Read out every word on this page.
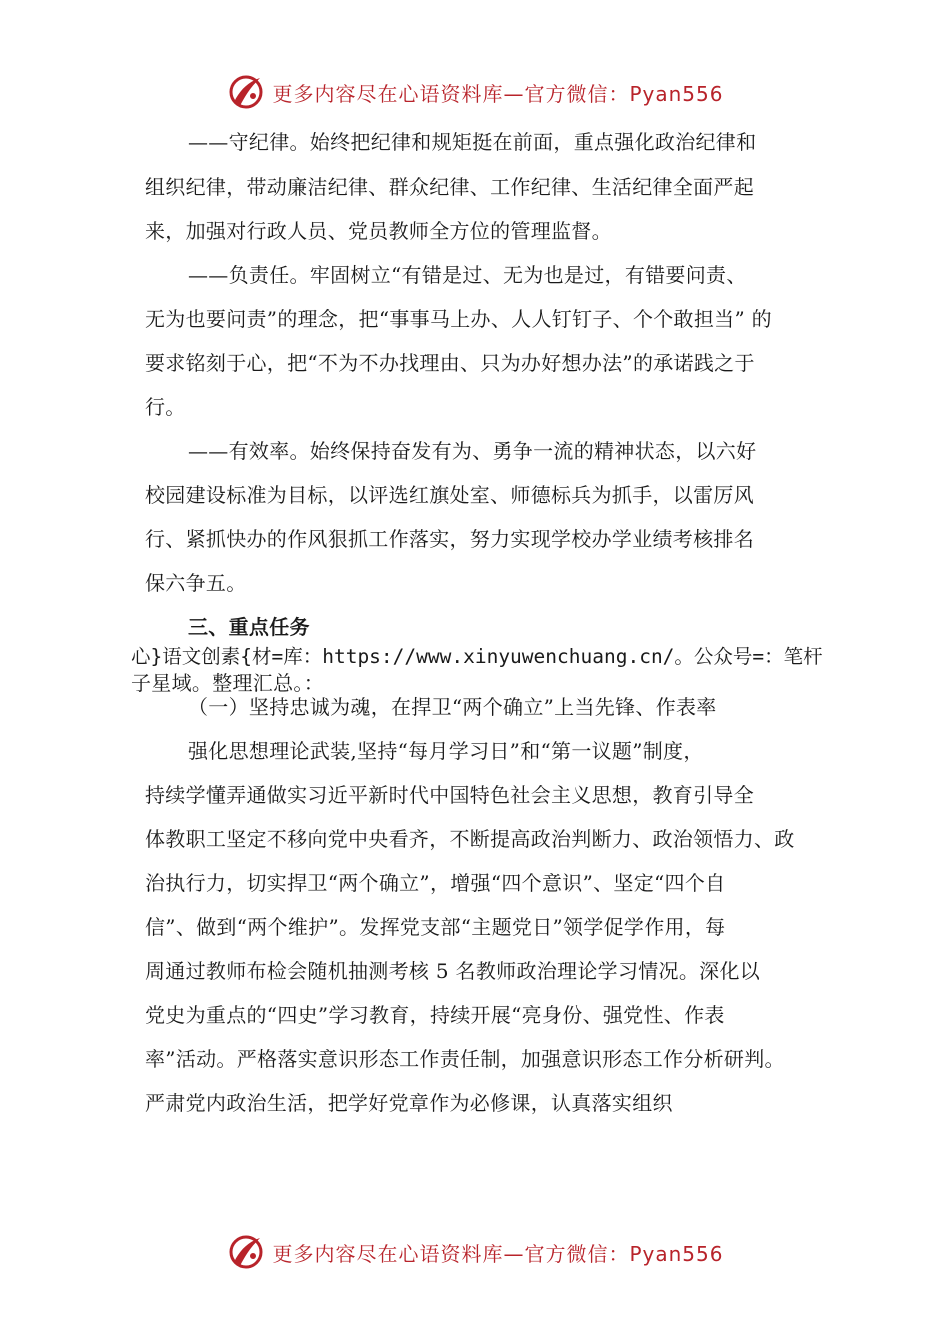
更多内容尽在心语资料库—官方微信：Pyan556
——守纪律。始终把纪律和规矩挺在前面，重点强化政治纪律和
组织纪律，带动廉洁纪律、群众纪律、工作纪律、生活纪律全面严起
来，加强对行政人员、党员教师全方位的管理监督。
——负责任。牢固树立“有错是过、无为也是过，有错要问责、
无为也要问责”的理念，把“事事马上办、人人钉钉子、个个敢担当” 的
要求铭刻于心，把“不为不办找理由、只为办好想办法”的承诺践之于
行。
——有效率。始终保持奋发有为、勇争一流的精神状态，以六好
校园建设标准为目标，以评选红旗处室、师德标兵为抓手，以雷厉风
行、紧抓快办的作风狠抓工作落实，努力实现学校办学业绩考核排名
保六争五。
三、重点任务
心}语文创素{材=库：https://www.xinyuwenchuang.cn/。公众号=：笔杆
子星域。整理汇总。：
（一）坚持忠诚为魂，在捍卫“两个确立”上当先锋、作表率
强化思想理论武装,坚持“每月学习日”和“第一议题”制度，
持续学懂弄通做实习近平新时代中国特色社会主义思想，教育引导全
体教职工坚定不移向党中央看齐，不断提高政治判断力、政治领悟力、政
治执行力，切实捍卫“两个确立”，增强“四个意识”、坚定“四个自
信”、做到“两个维护”。发挥党支部“主题党日”领学促学作用，每
周通过教师布检会随机抽测考核 5 名教师政治理论学习情况。深化以
党史为重点的“四史”学习教育，持续开展“亮身份、强党性、作表
率”活动。严格落实意识形态工作责任制，加强意识形态工作分析研判。
严肃党内政治生活，把学好党章作为必修课，认真落实组织
更多内容尽在心语资料库—官方微信：Pyan556
